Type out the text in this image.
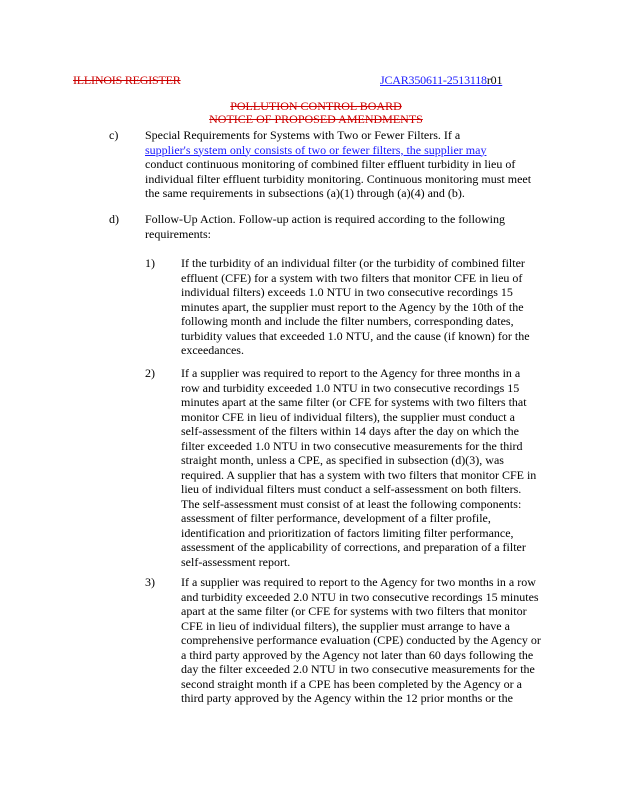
ILLINOIS REGISTER	JCAR350611-2513118r01
POLLUTION CONTROL BOARD
NOTICE OF PROPOSED AMENDMENTS
c) Special Requirements for Systems with Two or Fewer Filters. If a
supplier's system only consists of two or fewer filters, the supplier may
conduct continuous monitoring of combined filter effluent turbidity in lieu of
individual filter effluent turbidity monitoring. Continuous monitoring must meet
the same requirements in subsections (a)(1) through (a)(4) and (b).
d) Follow-Up Action. Follow-up action is required according to the following
requirements:
1) If the turbidity of an individual filter (or the turbidity of combined filter
effluent (CFE) for a system with two filters that monitor CFE in lieu of
individual filters) exceeds 1.0 NTU in two consecutive recordings 15
minutes apart, the supplier must report to the Agency by the 10th of the
following month and include the filter numbers, corresponding dates,
turbidity values that exceeded 1.0 NTU, and the cause (if known) for the
exceedances.
2) If a supplier was required to report to the Agency for three months in a
row and turbidity exceeded 1.0 NTU in two consecutive recordings 15
minutes apart at the same filter (or CFE for systems with two filters that
monitor CFE in lieu of individual filters), the supplier must conduct a
self-assessment of the filters within 14 days after the day on which the
filter exceeded 1.0 NTU in two consecutive measurements for the third
straight month, unless a CPE, as specified in subsection (d)(3), was
required. A supplier that has a system with two filters that monitor CFE in
lieu of individual filters must conduct a self-assessment on both filters.
The self-assessment must consist of at least the following components:
assessment of filter performance, development of a filter profile,
identification and prioritization of factors limiting filter performance,
assessment of the applicability of corrections, and preparation of a filter
self-assessment report.
3) If a supplier was required to report to the Agency for two months in a row
and turbidity exceeded 2.0 NTU in two consecutive recordings 15 minutes
apart at the same filter (or CFE for systems with two filters that monitor
CFE in lieu of individual filters), the supplier must arrange to have a
comprehensive performance evaluation (CPE) conducted by the Agency or
a third party approved by the Agency not later than 60 days following the
day the filter exceeded 2.0 NTU in two consecutive measurements for the
second straight month if a CPE has been completed by the Agency or a
third party approved by the Agency within the 12 prior months or the
